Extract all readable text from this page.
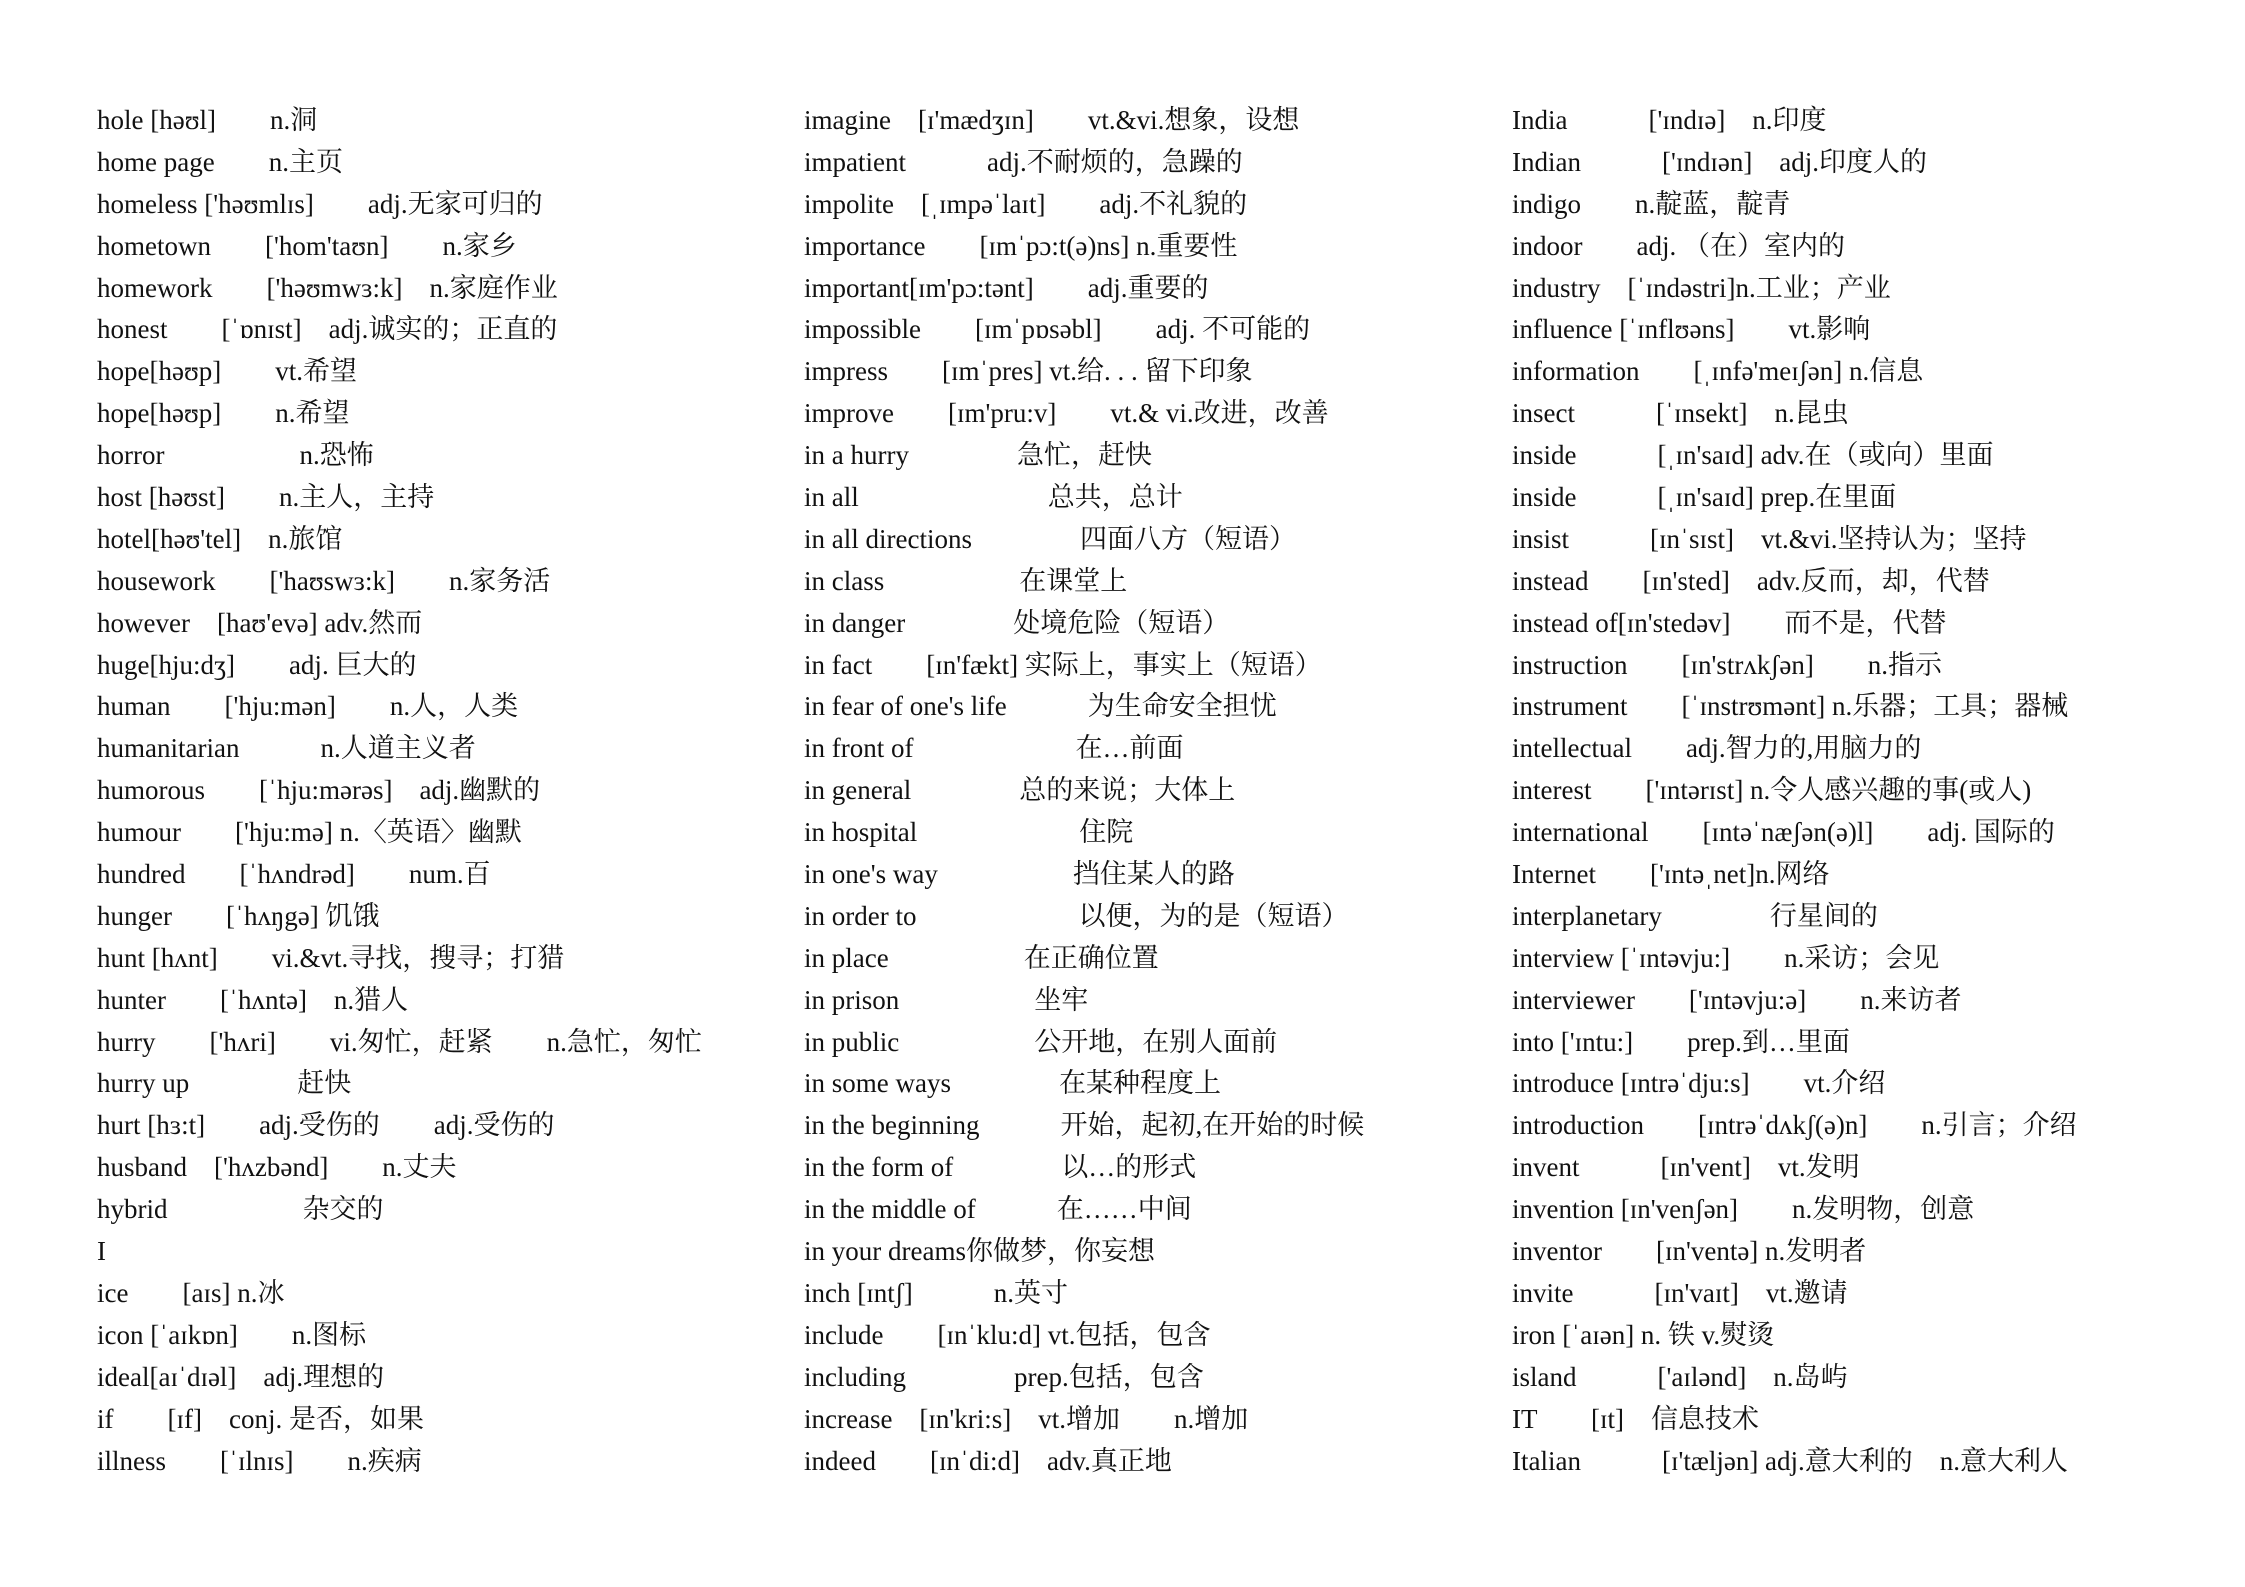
hole [həʊl]　　n.洞
home page　　n.主页
homeless ['həʊmlɪs]　　adj.无家可归的
hometown　　['hom'taʊn]　　n.家乡
homework　　['həʊmwɜ:k]　n.家庭作业
honest　　[ˈɒnɪst]　adj.诚实的；正直的
hope[həʊp]　　vt.希望
hope[həʊp]　　n.希望
horror　　　　　n.恐怖
host [həʊst]　　n.主人，主持
hotel[həʊ'tel]　n.旅馆
housework　　['haʊswɜ:k]　　n.家务活
however　[haʊ'evə] adv.然而
huge[hju:dʒ]　　adj. 巨大的
human　　['hju:mən]　　n.人，人类
humanitarian　　　n.人道主义者
humorous　　[ˈhju:mərəs]　adj.幽默的
humour　　['hju:mə] n.〈英语〉幽默
hundred　　[ˈhʌndrəd]　　num.百
hunger　　[ˈhʌŋgə] 饥饿
hunt [hʌnt]　　vi.&vt.寻找，搜寻；打猎
hunter　　[ˈhʌntə]　n.猎人
hurry　　['hʌri]　　vi.匆忙，赶紧　　n.急忙，匆忙
hurry up　　　　赶快
hurt [hɜ:t]　　adj.受伤的　　adj.受伤的
husband　['hʌzbənd]　　n.丈夫
hybrid　　　　　杂交的
I
ice　　[aɪs] n.冰
icon [ˈaɪkɒn]　　n.图标
ideal[aɪˈdɪəl]　adj.理想的
if　　[ɪf]　conj. 是否，如果
illness　　[ˈɪlnɪs]　　n.疾病
imagine　[ɪ'mædʒɪn]　　vt.&vi.想象，设想
impatient　　　adj.不耐烦的，急躁的
impolite　[ˌɪmpəˈlaɪt]　　adj.不礼貌的
importance　　[ɪmˈpɔ:t(ə)ns] n.重要性
important[ɪm'pɔ:tənt]　　adj.重要的
impossible　　[ɪmˈpɒsəbl]　　adj. 不可能的
impress　　[ɪmˈpres] vt.给. . . 留下印象
improve　　[ɪm'pru:v]　　vt.& vi.改进，改善
in a hurry　　　　急忙，赶快
in all　　　　　　　总共，总计
in all directions　　　　四面八方（短语）
in class　　　　　在课堂上
in danger　　　　处境危险（短语）
in fact　　[ɪn'fækt] 实际上，事实上（短语）
in fear of one's life　　　为生命安全担忧
in front of　　　　　　在…前面
in general　　　　总的来说；大体上
in hospital　　　　　　住院
in one's way　　　　　挡住某人的路
in order to　　　　　　以便，为的是（短语）
in place　　　　　在正确位置
in prison　　　　　坐牢
in public　　　　　公开地，在别人面前
in some ways　　　　在某种程度上
in the beginning　　　开始，起初,在开始的时候
in the form of　　　　以…的形式
in the middle of　　　在……中间
in your dreams你做梦，你妄想
inch [ɪntʃ]　　　n.英寸
include　　[ɪnˈklu:d] vt.包括，包含
including　　　　prep.包括，包含
increase　[ɪn'kri:s]　vt.增加　　n.增加
indeed　　[ɪnˈdi:d]　adv.真正地
India　　　['ɪndɪə]　n.印度
Indian　　　['ɪndɪən]　adj.印度人的
indigo　　n.靛蓝，靛青
indoor　　adj. （在）室内的
industry　[ˈɪndəstri]n.工业；产业
influence [ˈɪnflʊəns]　　vt.影响
information　　[ˌɪnfə'meɪʃən] n.信息
insect　　　[ˈɪnsekt]　n.昆虫
inside　　　[ˌɪn'saɪd] adv.在（或向）里面
inside　　　[ˌɪn'saɪd] prep.在里面
insist　　　[ɪnˈsɪst]　vt.&vi.坚持认为；坚持
instead　　[ɪn'sted]　adv.反而，却，代替
instead of[ɪn'stedəv]　　而不是，代替
instruction　　[ɪn'strʌkʃən]　　n.指示
instrument　　[ˈɪnstrʊmənt] n.乐器；工具；器械
intellectual　　adj.智力的,用脑力的
interest　　['ɪntərɪst] n.令人感兴趣的事(或人)
international　　[ɪntəˈnæʃən(ə)l]　　adj. 国际的
Internet　　['ɪntəˌnet]n.网络
interplanetary　　　　行星间的
interview [ˈɪntəvju:]　　n.采访；会见
interviewer　　['ɪntəvju:ə]　　n.来访者
into ['ɪntu:]　　prep.到…里面
introduce [ɪntrəˈdju:s]　　vt.介绍
introduction　　[ɪntrəˈdʌkʃ(ə)n]　　n.引言；介绍
invent　　　[ɪn'vent]　vt.发明
invention [ɪn'venʃən]　　n.发明物，创意
inventor　　[ɪn'ventə] n.发明者
invite　　　[ɪn'vaɪt]　vt.邀请
iron [ˈaɪən] n. 铁 v.熨烫
island　　　['aɪlənd]　n.岛屿
IT　　[ɪt]　信息技术
Italian　　　[ɪ'tæljən] adj.意大利的　n.意大利人
